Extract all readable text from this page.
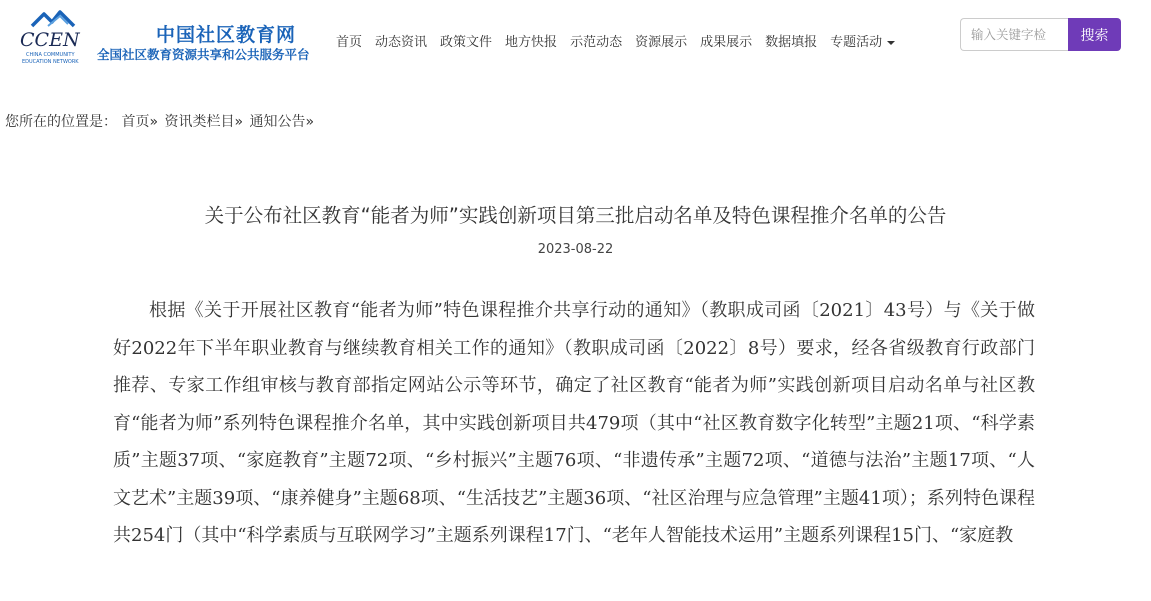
CCEN
CHINA COMMUNITY
EDUCATION NETWORK
中国社区教育网
全国社区教育资源共享和公共服务平台
首页 动态资讯 政策文件 地方快报 示范动态 资源展示 成果展示 数据填报 专题活动
输入关键字检	搜索
您所在的位置是： 首页» 资讯类栏目» 通知公告»
关于公布社区教育“能者为师”实践创新项目第三批启动名单及特色课程推介名单的公告
2023-08-22

根据《关于开展社区教育“能者为师”特色课程推介共享行动的通知》（教职成司函〔2021〕43号）与《关于做好2022年下半年职业教育与继续教育相关工作的通知》（教职成司函〔2022〕8号）要求，经各省级教育行政部门推荐、专家工作组审核与教育部指定网站公示等环节，确定了社区教育“能者为师”实践创新项目启动名单与社区教育“能者为师”系列特色课程推介名单，其中实践创新项目共479项（其中“社区教育数字化转型”主题21项、“科学素质”主题37项、“家庭教育”主题72项、“乡村振兴”主题76项、“非遗传承”主题72项、“道德与法治”主题17项、“人文艺术”主题39项、“康养健身”主题68项、“生活技艺”主题36项、“社区治理与应急管理”主题41项）；系列特色课程共254门（其中“科学素质与互联网学习”主题系列课程17门、“老年人智能技术运用”主题系列课程15门、“家庭教
